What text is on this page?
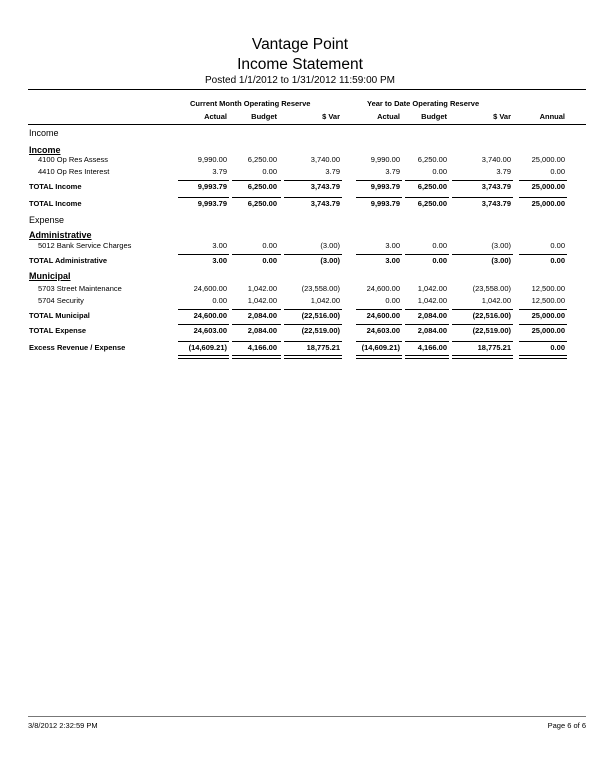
Vantage Point
Income Statement
Posted 1/1/2012 to 1/31/2012 11:59:00 PM
Current Month Operating Reserve	Year to Date Operating Reserve
Actual	Budget	$ Var	Actual	Budget	$ Var	Annual
Income
Income
4100 Op Res Assess	9,990.00	6,250.00	3,740.00	9,990.00 6,250.00	3,740.00	25,000.00
4410 Op Res Interest	3.79	0.00	3.79	3.79	0.00	3.79	0.00
TOTAL Income	9,993.79	6,250.00	3,743.79	9,993.79 6,250.00	3,743.79	25,000.00
TOTAL Income	9,993.79	6,250.00	3,743.79	9,993.79 6,250.00	3,743.79	25,000.00
Expense
Administrative
5012 Bank Service Charges	3.00	0.00	(3.00)	3.00	0.00	(3.00)	0.00
TOTAL Administrative	3.00	0.00	(3.00)	3.00	0.00	(3.00)	0.00
Municipal
5703 Street Maintenance	24,600.00	1,042.00	(23,558.00)	24,600.00 1,042.00	(23,558.00)	12,500.00
5704 Security	0.00	1,042.00	1,042.00	0.00 1,042.00	1,042.00	12,500.00
TOTAL Municipal	24,600.00	2,084.00	(22,516.00)	24,600.00 2,084.00	(22,516.00)	25,000.00
TOTAL Expense	24,603.00	2,084.00	(22,519.00)	24,603.00 2,084.00	(22,519.00)	25,000.00
Excess Revenue / Expense	(14,609.21)	4,166.00	18,775.21	(14,609.21) 4,166.00	18,775.21	0.00
3/8/2012 2:32:59 PM	Page 6 of 6
